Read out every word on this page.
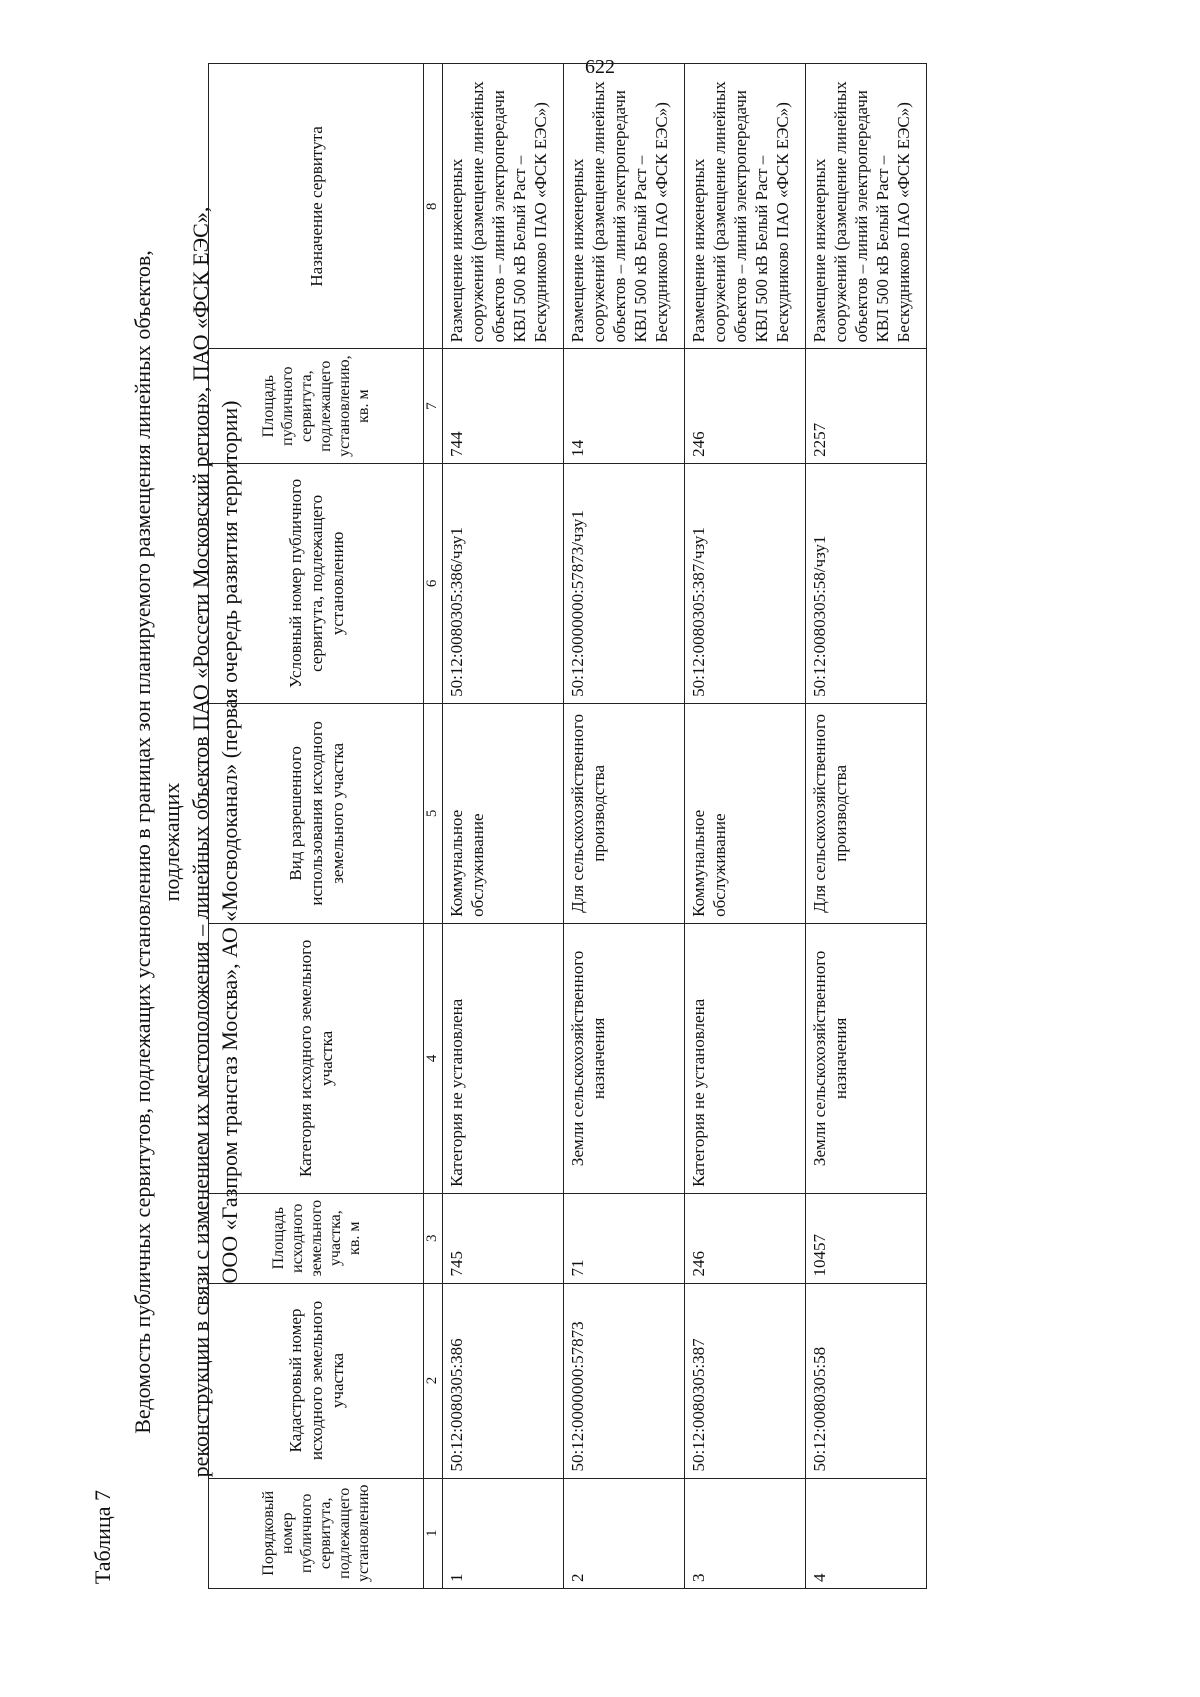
622
Таблица 7
Ведомость публичных сервитутов, подлежащих установлению в границах зон планируемого размещения линейных объектов, подлежащих реконструкции в связи с изменением их местоположения – линейных объектов ПАО «Россети Московский регион», ПАО «ФСК ЕЭС», ООО «Газпром трансгаз Москва», АО «Мосводоканал» (первая очередь развития территории)
Порядковый номер публичного сервитута, подлежащего установлению	Кадастровый номер исходного земельного участка	Площадь исходного земельного участка, кв. м	Категория исходного земельного участка	Вид разрешенного использования исходного земельного участка	Условный номер публичного сервитута, подлежащего установлению	Площадь публичного сервитута, подлежащего установлению, кв. м	Назначение сервитута
1	2	3	4	5	6	7	8
1	50:12:0080305:386	745	Категория не установлена	Коммунальное обслуживание	50:12:0080305:386/чзу1	744	Размещение инженерных сооружений (размещение линейных объектов – линий электропередачи КВЛ 500 кВ Белый Раст – Бескудниково ПАО «ФСК ЕЭС»)
2	50:12:0000000:57873	71	Земли сельскохозяйственного назначения	Для сельскохозяйственного производства	50:12:0000000:57873/чзу1	14	Размещение инженерных сооружений (размещение линейных объектов – линий электропередачи КВЛ 500 кВ Белый Раст – Бескудниково ПАО «ФСК ЕЭС»)
3	50:12:0080305:387	246	Категория не установлена	Коммунальное обслуживание	50:12:0080305:387/чзу1	246	Размещение инженерных сооружений (размещение линейных объектов – линий электропередачи КВЛ 500 кВ Белый Раст – Бескудниково ПАО «ФСК ЕЭС»)
4	50:12:0080305:58	10457	Земли сельскохозяйственного назначения	Для сельскохозяйственного производства	50:12:0080305:58/чзу1	2257	Размещение инженерных сооружений (размещение линейных объектов – линий электропередачи КВЛ 500 кВ Белый Раст – Бескудниково ПАО «ФСК ЕЭС»)
